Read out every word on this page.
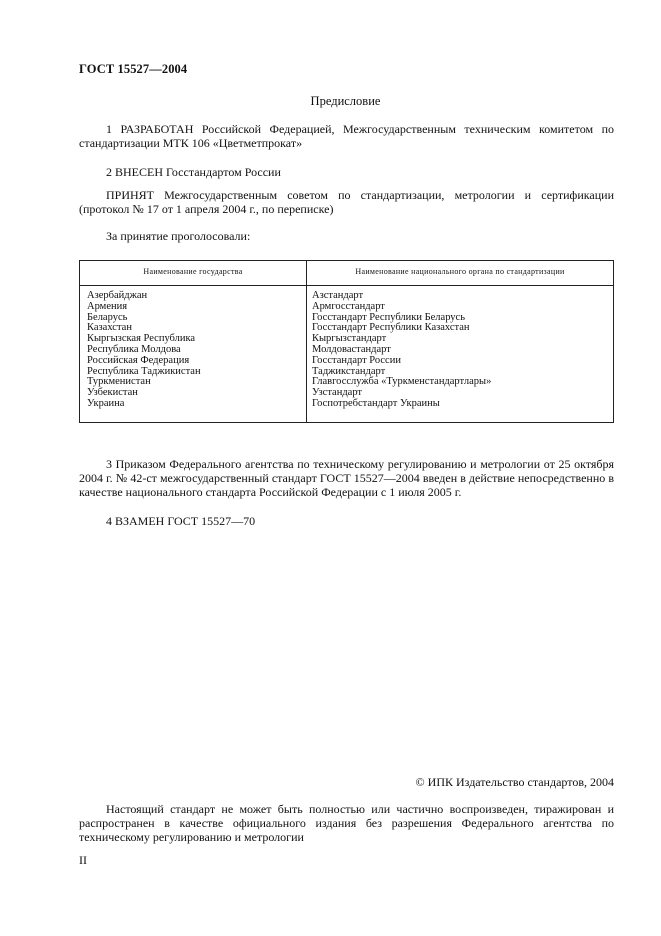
ГОСТ 15527—2004
Предисловие
1 РАЗРАБОТАН Российской Федерацией, Межгосударственным техническим комитетом по стандартизации МТК 106 «Цветметпрокат»
2 ВНЕСЕН Госстандартом России
ПРИНЯТ Межгосударственным советом по стандартизации, метрологии и сертификации (протокол № 17 от 1 апреля 2004 г., по переписке)
За принятие проголосовали:
Наименование государства	Наименование национального органа по стандартизации
Азербайджан
Армения
Беларусь
Казахстан
Кыргызская Республика
Республика Молдова
Российская Федерация
Республика Таджикистан
Туркменистан
Узбекистан
Украина
Азстандарт
Армгосстандарт
Госстандарт Республики Беларусь
Госстандарт Республики Казахстан
Кыргызстандарт
Молдовастандарт
Госстандарт России
Таджикстандарт
Главгосслужба «Туркменстандартлары»
Узстандарт
Госпотребстандарт Украины
3 Приказом Федерального агентства по техническому регулированию и метрологии от 25 октября 2004 г. № 42-ст межгосударственный стандарт ГОСТ 15527—2004 введен в действие непосредственно в качестве национального стандарта Российской Федерации с 1 июля 2005 г.
4 ВЗАМЕН ГОСТ 15527—70
© ИПК Издательство стандартов, 2004
Настоящий стандарт не может быть полностью или частично воспроизведен, тиражирован и распространен в качестве официального издания без разрешения Федерального агентства по техническому регулированию и метрологии
II
